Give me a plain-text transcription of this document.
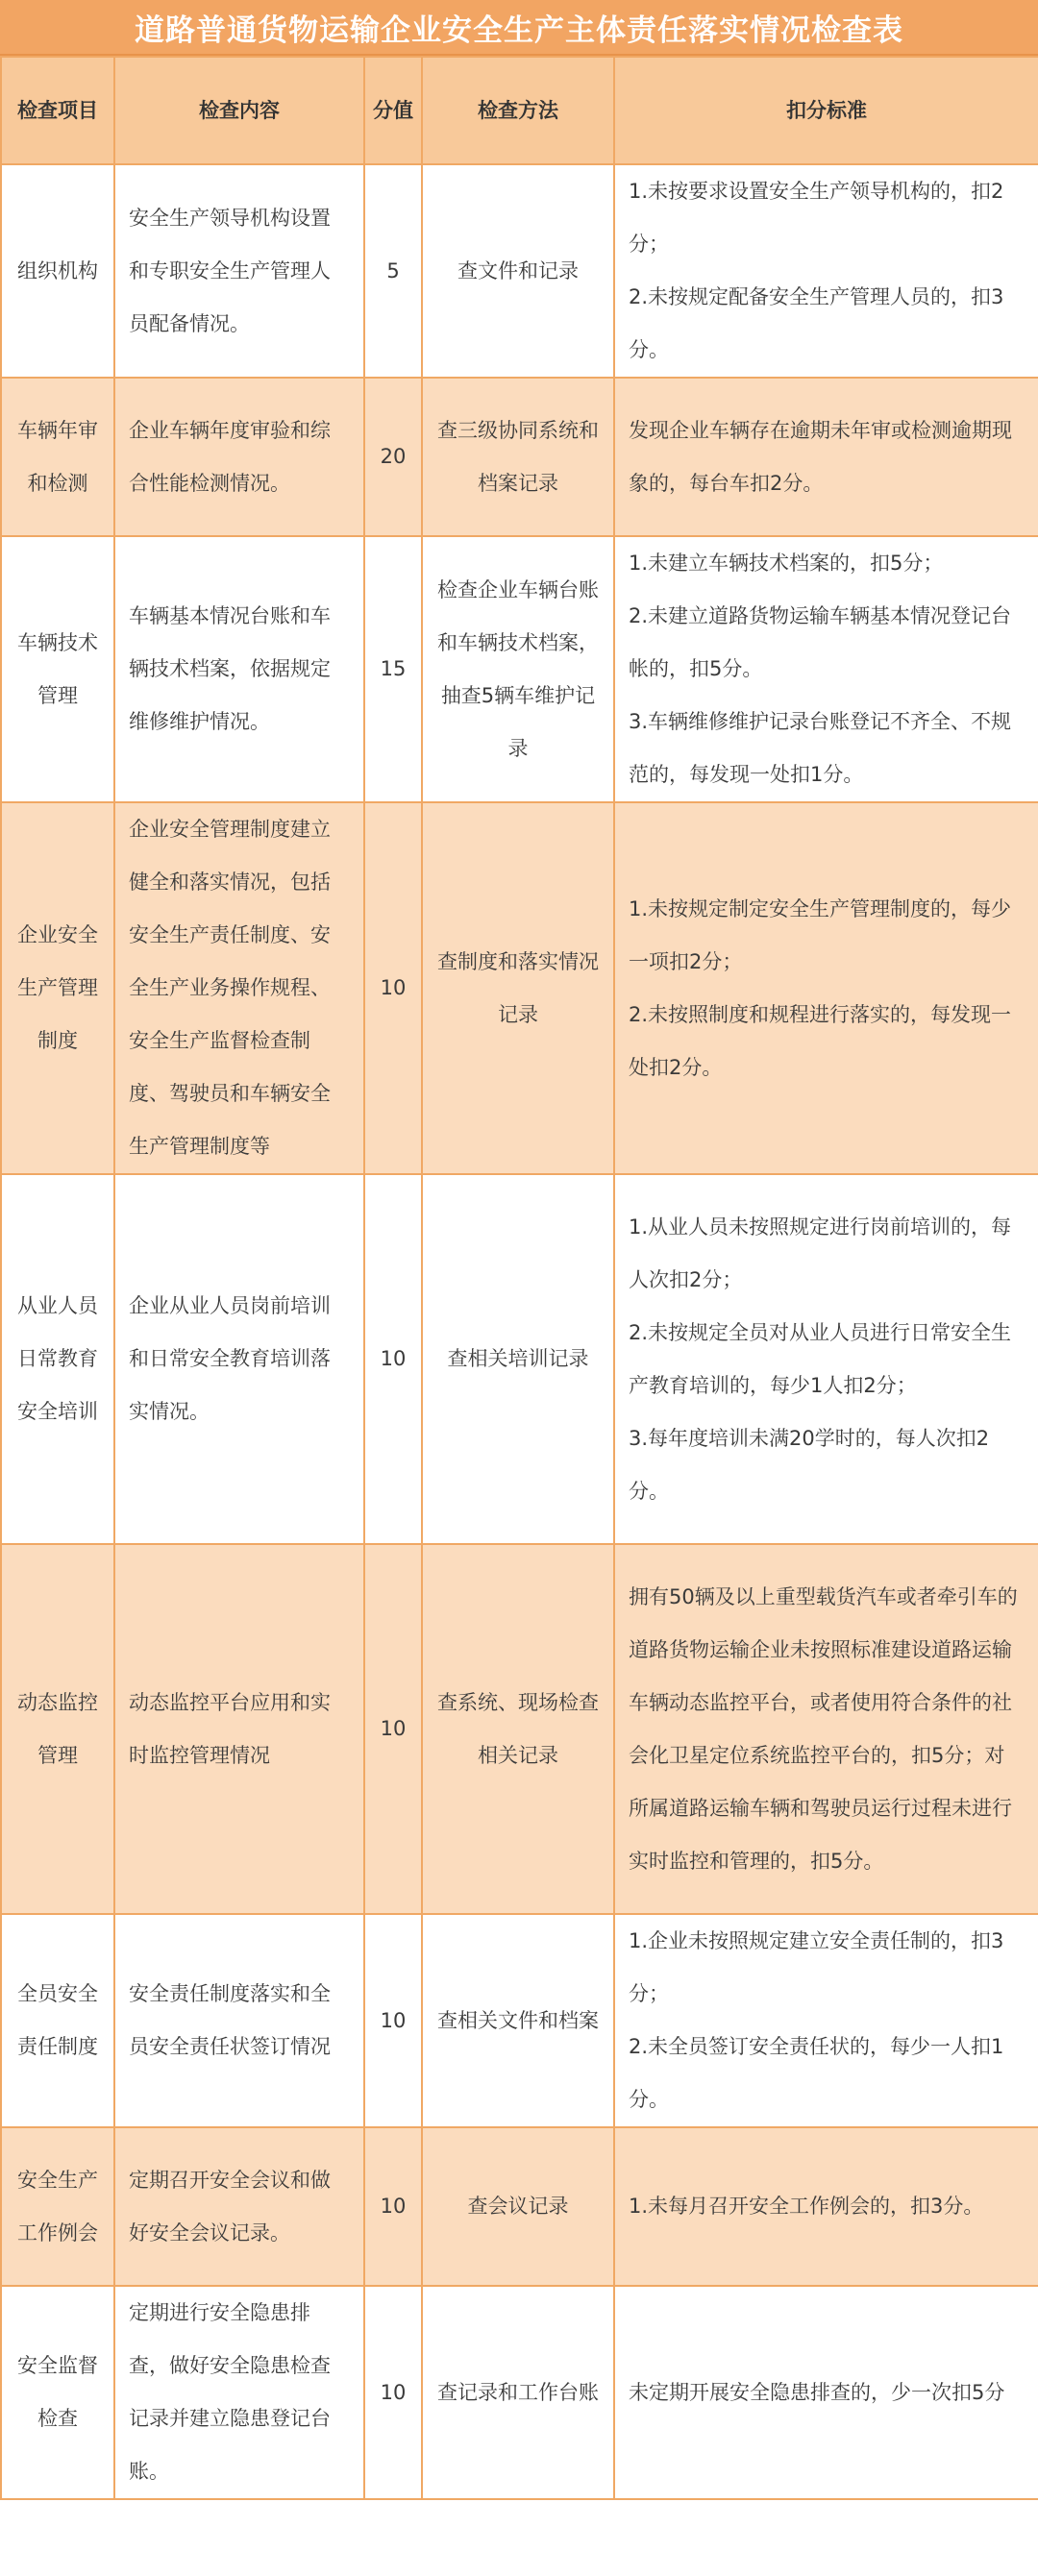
道路普通货物运输企业安全生产主体责任落实情况检查表
检查项目	检查内容	分值	检查方法	扣分标准
组织机构	安全生产领导机构设置和专职安全生产管理人员配备情况。	5	查文件和记录	1.未按要求设置安全生产领导机构的，扣2分；
2.未按规定配备安全生产管理人员的，扣3分。
车辆年审和检测	企业车辆年度审验和综合性能检测情况。	20	查三级协同系统和档案记录	发现企业车辆存在逾期未年审或检测逾期现象的，每台车扣2分。
车辆技术管理	车辆基本情况台账和车辆技术档案，依据规定维修维护情况。	15	检查企业车辆台账和车辆技术档案，抽查5辆车维护记录	1.未建立车辆技术档案的，扣5分；
2.未建立道路货物运输车辆基本情况登记台帐的，扣5分。
3.车辆维修维护记录台账登记不齐全、不规范的，每发现一处扣1分。
企业安全生产管理制度	企业安全管理制度建立健全和落实情况，包括安全生产责任制度、安全生产业务操作规程、安全生产监督检查制度、驾驶员和车辆安全生产管理制度等	10	查制度和落实情况记录	1.未按规定制定安全生产管理制度的，每少一项扣2分；
2.未按照制度和规程进行落实的，每发现一处扣2分。
从业人员日常教育安全培训	企业从业人员岗前培训和日常安全教育培训落实情况。	10	查相关培训记录	1.从业人员未按照规定进行岗前培训的，每人次扣2分；
2.未按规定全员对从业人员进行日常安全生产教育培训的，每少1人扣2分；
3.每年度培训未满20学时的，每人次扣2分。
动态监控管理	动态监控平台应用和实时监控管理情况	10	查系统、现场检查相关记录	拥有50辆及以上重型载货汽车或者牵引车的道路货物运输企业未按照标准建设道路运输车辆动态监控平台，或者使用符合条件的社会化卫星定位系统监控平台的，扣5分；对所属道路运输车辆和驾驶员运行过程未进行实时监控和管理的，扣5分。
全员安全责任制度	安全责任制度落实和全员安全责任状签订情况	10	查相关文件和档案	1.企业未按照规定建立安全责任制的，扣3分；
2.未全员签订安全责任状的，每少一人扣1分。
安全生产工作例会	定期召开安全会议和做好安全会议记录。	10	查会议记录	1.未每月召开安全工作例会的，扣3分。
安全监督检查	定期进行安全隐患排查，做好安全隐患检查记录并建立隐患登记台账。	10	查记录和工作台账	未定期开展安全隐患排查的，少一次扣5分
